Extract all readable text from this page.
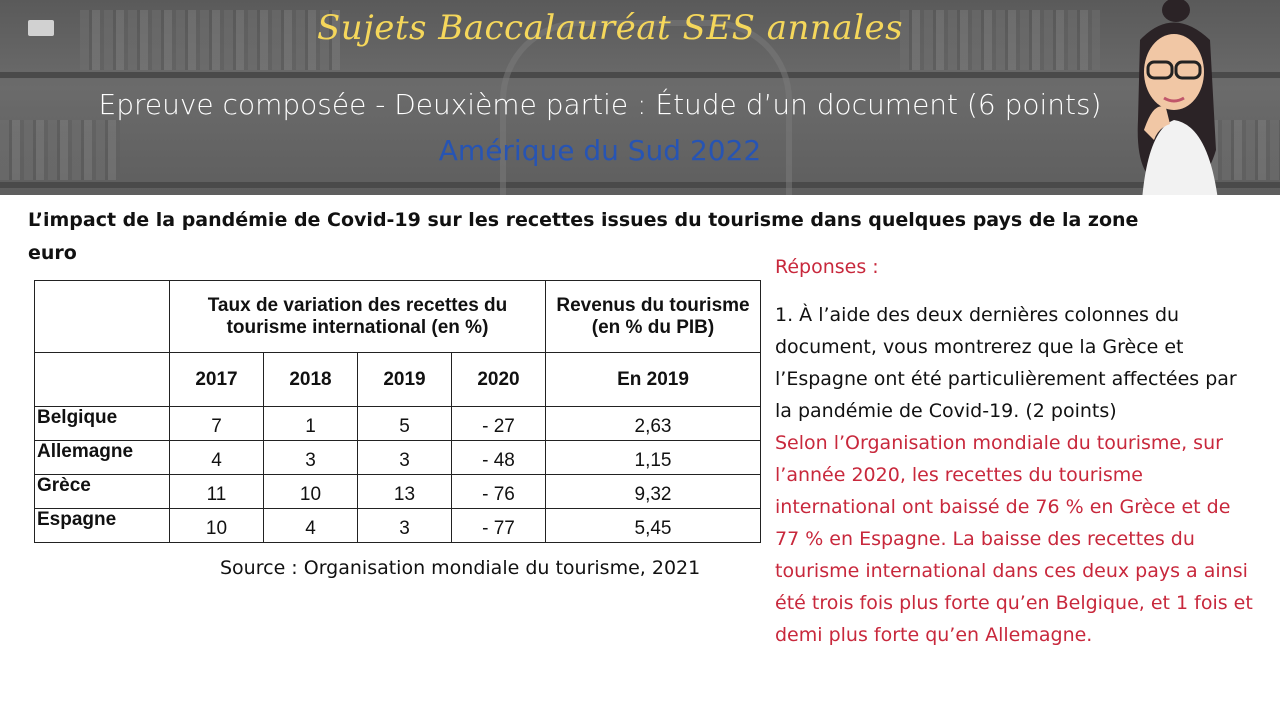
Sujets Baccalauréat SES annales
Epreuve composée - Deuxième partie : Étude d’un document (6 points)
Amérique du Sud 2022
L’impact de la pandémie de Covid-19 sur les recettes issues du tourisme dans quelques pays de la zone euro
	Taux de variation des recettes du tourisme international (en %)				Revenus du tourisme (en % du PIB)
	2017	2018	2019	2020	En 2019
Belgique	7	1	5	- 27	2,63
Allemagne	4	3	3	- 48	1,15
Grèce	11	10	13	- 76	9,32
Espagne	10	4	3	- 77	5,45
Source : Organisation mondiale du tourisme, 2021
Réponses :
1. À l’aide des deux dernières colonnes du document, vous montrerez que la Grèce et l’Espagne ont été particulièrement affectées par la pandémie de Covid-19. (2 points)
Selon l’Organisation mondiale du tourisme, sur l’année 2020, les recettes du tourisme international ont baissé de 76 % en Grèce et de 77 % en Espagne. La baisse des recettes du tourisme international dans ces deux pays a ainsi été trois fois plus forte qu’en Belgique, et 1 fois et demi plus forte qu’en Allemagne.
